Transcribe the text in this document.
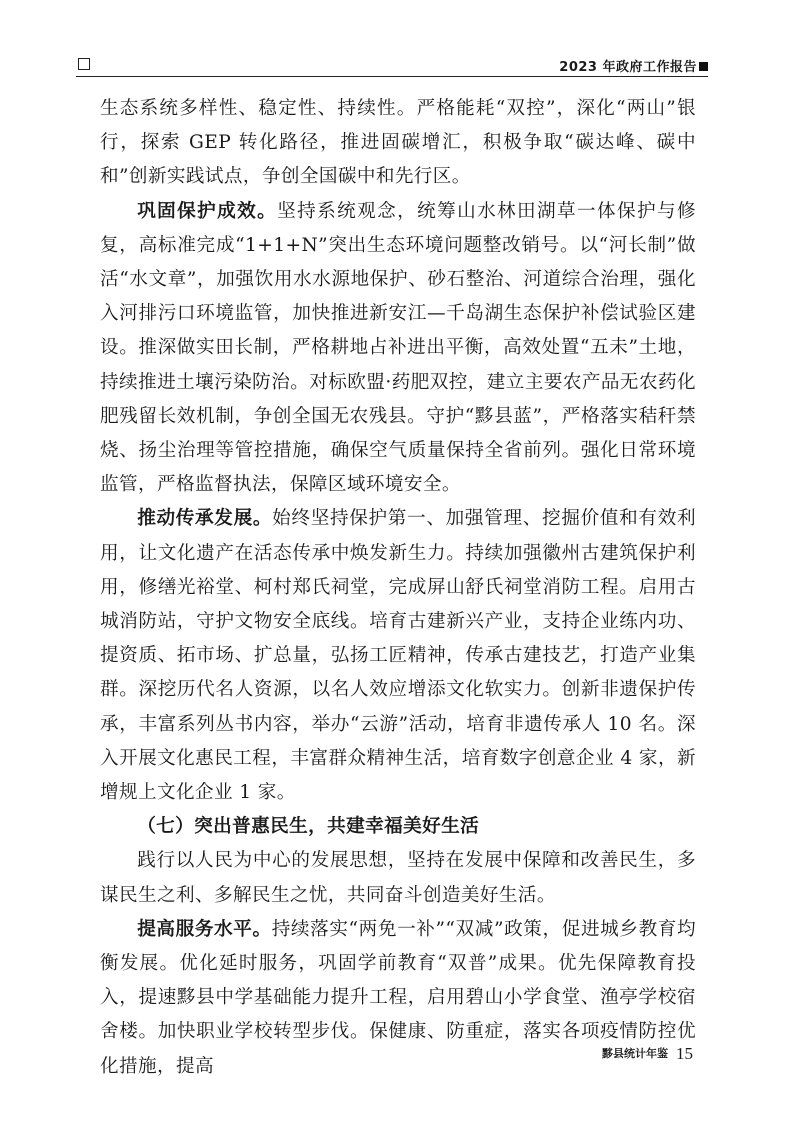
2023 年政府工作报告

生态系统多样性、稳定性、持续性。严格能耗“双控”，深化“两山”银行，探索 GEP 转化路径，推进固碳增汇，积极争取“碳达峰、碳中和”创新实践试点，争创全国碳中和先行区。

巩固保护成效。坚持系统观念，统筹山水林田湖草一体保护与修复，高标准完成“1+1+N”突出生态环境问题整改销号。以“河长制”做活“水文章”，加强饮用水水源地保护、砂石整治、河道综合治理，强化入河排污口环境监管，加快推进新安江—千岛湖生态保护补偿试验区建设。推深做实田长制，严格耕地占补进出平衡，高效处置“五未”土地，持续推进土壤污染防治。对标欧盟·药肥双控，建立主要农产品无农药化肥残留长效机制，争创全国无农残县。守护“黟县蓝”，严格落实秸秆禁烧、扬尘治理等管控措施，确保空气质量保持全省前列。强化日常环境监管，严格监督执法，保障区域环境安全。

推动传承发展。始终坚持保护第一、加强管理、挖掘价值和有效利用，让文化遗产在活态传承中焕发新生力。持续加强徽州古建筑保护利用，修缮光裕堂、柯村郑氏祠堂，完成屏山舒氏祠堂消防工程。启用古城消防站，守护文物安全底线。培育古建新兴产业，支持企业练内功、提资质、拓市场、扩总量，弘扬工匠精神，传承古建技艺，打造产业集群。深挖历代名人资源，以名人效应增添文化软实力。创新非遗保护传承，丰富系列丛书内容，举办“云游”活动，培育非遗传承人 10 名。深入开展文化惠民工程，丰富群众精神生活，培育数字创意企业 4 家，新增规上文化企业 1 家。

（七）突出普惠民生，共建幸福美好生活

践行以人民为中心的发展思想，坚持在发展中保障和改善民生，多谋民生之利、多解民生之忧，共同奋斗创造美好生活。

提高服务水平。持续落实“两免一补”“双减”政策，促进城乡教育均衡发展。优化延时服务，巩固学前教育“双普”成果。优先保障教育投入，提速黟县中学基础能力提升工程，启用碧山小学食堂、渔亭学校宿舍楼。加快职业学校转型步伐。保健康、防重症，落实各项疫情防控优化措施，提高

黟县统计年鉴 15
